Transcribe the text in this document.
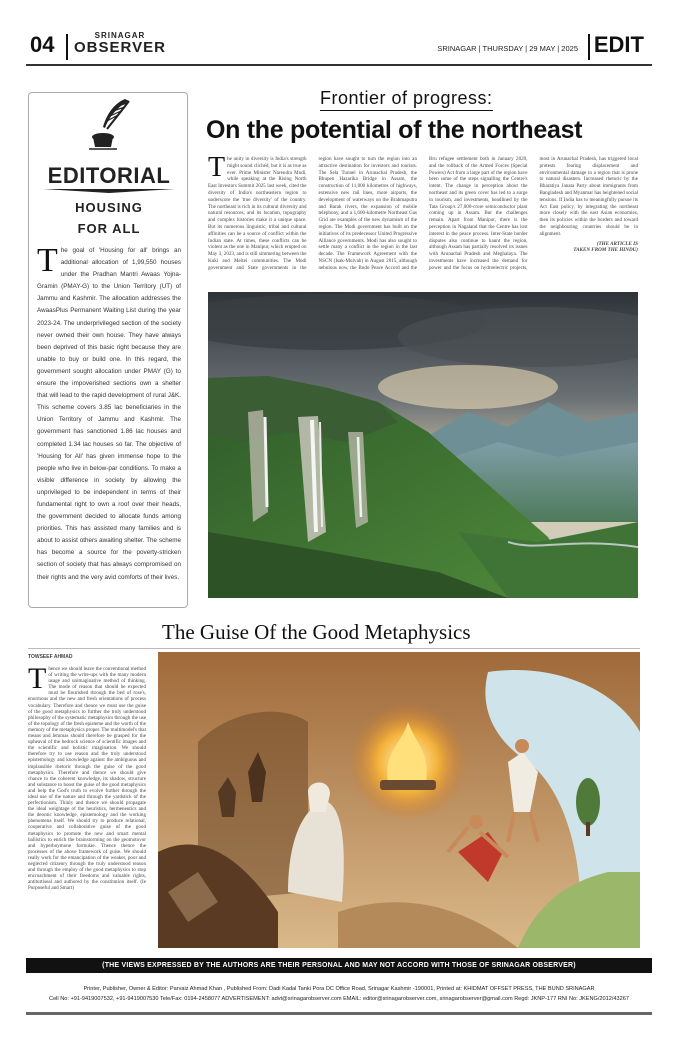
04	SRINAGAR
OBSERVER	SRINAGAR | THURSDAY | 29 MAY | 2025 EDIT
EDITORIAL
HOUSING
FOR ALL
The goal of 'Housing for all' brings an additional allocation of 1,99,550 houses under the Pradhan Mantri Awaas Yojna-Gramin (PMAY-G) to the Union Territory (UT) of Jammu and Kashmir. The allocation addresses the AwaasPlus Permanent Waiting List during the year 2023-24. The underprivileged section of the society never owned their own house. They have always been deprived of this basic right because they are unable to buy or build one. In this regard, the government sought allocation under PMAY (G) to ensure the impoverished sections own a shelter that will lead to the rapid development of rural J&K. This scheme covers 3.85 lac beneficiaries in the Union Territory of Jammu and Kashmir. The government has sanctioned 1.86 lac houses and completed 1.34 lac houses so far. The objective of 'Housing for All' has given immense hope to the people who live in below-par conditions. To make a visible difference in society by allowing the unprivileged to be independent in terms of their fundamental right to own a roof over their heads, the government decided to allocate funds among priorities. This has assisted many families and is about to assist others awaiting shelter. The scheme has become a source for the poverty-stricken section of society that has always compromised on their rights and the very avid comforts of their lives.
Frontier of progress:
On the potential of the northeast
The unity in diversity is India's strength might sound clichéd, but it is as true as ever. Prime Minister Narendra Modi, while speaking at the Rising North East Investors Summit 2025 last week, cited the diversity of India's northeastern region to underscore the 'true diversity' of the country. The northeast is rich in its cultural diversity and natural resources, and its location, topography and complex histories make it a unique space. But its numerous linguistic, tribal and cultural affinities can be a source of conflict within the Indian state. At times, these conflicts can be violent as the one in Manipur, which erupted on May 3, 2023, and is still simmering between the Kuki and Meitei communities. The Modi government and State governments in the region have sought to turn the region into an attractive destination for investors and tourists. The Sela Tunnel in Arunachal Pradesh, the Bhupen Hazarika Bridge in Assam, the construction of 11,000 kilometres of highways, extensive new rail lines, more airports, the development of waterways on the Brahmaputra and Barak rivers, the expansion of mobile telephony, and a 1,600-kilometre Northeast Gas Grid are examples of the new dynamism of the region. The Modi government has built on the initiatives of its predecessor United Progressive Alliance governments. Modi has also sought to settle many a conflict in the region in the last decade. The Framework Agreement with the NSCN (Isak-Muivah) in August 2015, although nebulous now, the Bodo Peace Accord and the Bru refugee settlement both in January 2020, and the rollback of the Armed Forces (Special Powers) Act from a large part of the region have been some of the steps signalling the Centre's intent. The change in perception about the northeast and its green cover has led to a surge in tourism, and investments, headlined by the Tata Group's 27,000-crore semiconductor plant coming up in Assam. But the challenges remain. Apart from Manipur, there is the perception in Nagaland that the Centre has lost interest in the peace process. Inter-State border disputes also continue to haunt the region, although Assam has partially resolved its issues with Arunachal Pradesh and Meghalaya. The investments have increased the demand for power and the focus on hydroelectric projects, most in Arunachal Pradesh, has triggered local protests fearing displacement and environmental damage in a region that is prone to natural disasters. Increased rhetoric by the Bharatiya Janata Party about immigrants from Bangladesh and Myanmar has heightened social tensions. If India has to meaningfully pursue its Act East policy, by integrating the northeast more closely with the east Asian economies, then its policies within the borders and toward the neighbouring countries should be in alignment.
(THE ARTICLE IS
TAKEN FROM THE HINDU)
The Guise Of the Good Metaphysics
TOWSEEF AHMAD
Thence we should leave the conventional method of writing the write-ups with the many modern usage and unimaginative method of thinking. The mode of reason that should be expected must be flourished through the bed of rose's, enormous and the new and fresh orientations of process vocabulary. Therefore and thence we must use the guise of the good metaphysics to further the truly understood philosophy of the systematic metaphysics through the use of the topology of the fresh episteme and the worth of the memory of the metaphysics proper. The multimodel's that means and lemmas should therefore be grasped for the upheaval of the bedrock science of scientific images and the scientific and holistic imagination. We should therefore try to use reason and the truly understood epistemology and knowledge against the ambiguous and implausible rhetoric through the guise of the good metaphysics. Therefore and thence we should give chance to the coherent knowledge, its shadow, structure and substance to boost the guise of the good metaphysics and help the God's truth to evolve further through the ideal use of the nature and through the yardstick of the perfectionism. Thinly and thence we should propagate the ideal weightage of the heuristics, hermeneutics and the deontic knowledge, epistemology and the working phenomena itself. We should try to produce relational, cooperative and collaborative guise of the good metaphysics to promote the new and smart mental ballistics to enrich the brainstorming on the geomotovor and hyperhoymone formulae. Thence thence the processes of the above framework of guise. We should really work for the emancipation of the weaker, poor and neglected citizenry through the truly understood reason and through the employ of the good metaphysics to stop encroachment of their freedoms and valuable rights, antiturtiseal and authored by the constitution itself. (Ie Purposeful and Smart)
(THE VIEWS EXPRESSED BY THE AUTHORS ARE THEIR PERSONAL AND MAY NOT ACCORD WITH THOSE OF SRINAGAR OBSERVER)
Printer, Publisher, Owner & Editor: Parvaiz Ahmad Khan , Published From: Dadi Kadal Tanki Pora DC Office Road, Srinagar Kashmir -190001, Printed at: KHIDMAT OFFSET PRESS, THE BUND SRINAGAR
Cell No: +91-9419007532, +91-9419007530 Tele/Fax: 0194-2458077 ADVERTISEMENT: advt@srinagarobserver.com EMAIL: editor@srinagarobserver.com, srinagarobserver@gmail.com Regd: JKNP-177 RNI No: JKENG/2012/43267
